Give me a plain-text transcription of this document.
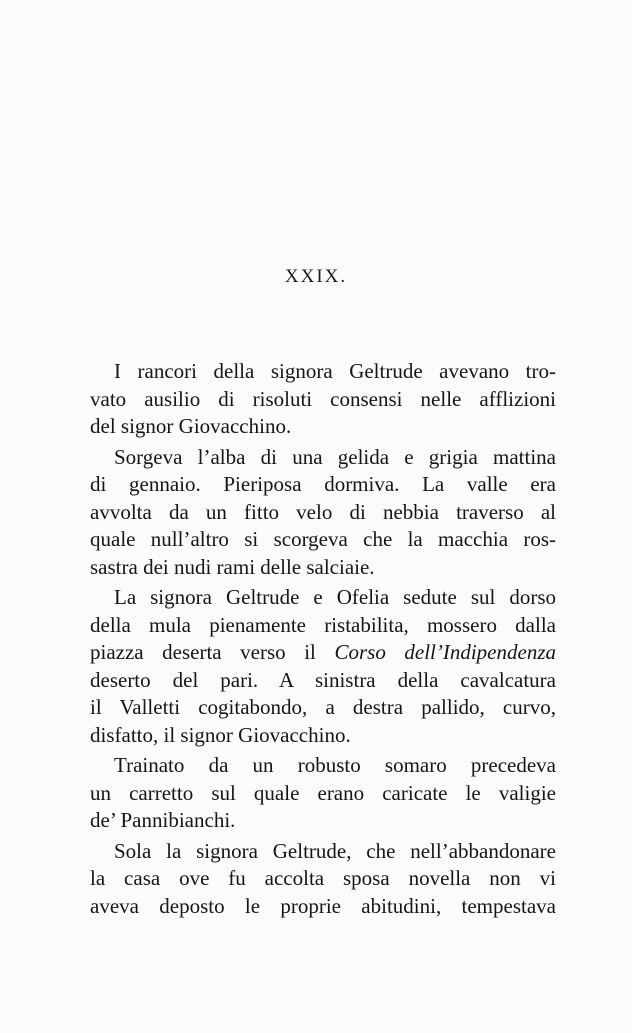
XXIX.
I rancori della signora Geltrude avevano tro-
vato ausilio di risoluti consensi nelle afflizioni
del signor Giovacchino.
Sorgeva l’alba di una gelida e grigia mattina
di gennaio. Pieriposa dormiva. La valle era
avvolta da un fitto velo di nebbia traverso al
quale null’altro si scorgeva che la macchia ros-
sastra dei nudi rami delle salciaie.
La signora Geltrude e Ofelia sedute sul dorso
della mula pienamente ristabilita, mossero dalla
piazza deserta verso il Corso dell’Indipendenza
deserto del pari. A sinistra della cavalcatura
il Valletti cogitabondo, a destra pallido, curvo,
disfatto, il signor Giovacchino.
Trainato da un robusto somaro precedeva
un carretto sul quale erano caricate le valigie
de’ Pannibianchi.
Sola la signora Geltrude, che nell’abbandonare
la casa ove fu accolta sposa novella non vi
aveva deposto le proprie abitudini, tempestava
